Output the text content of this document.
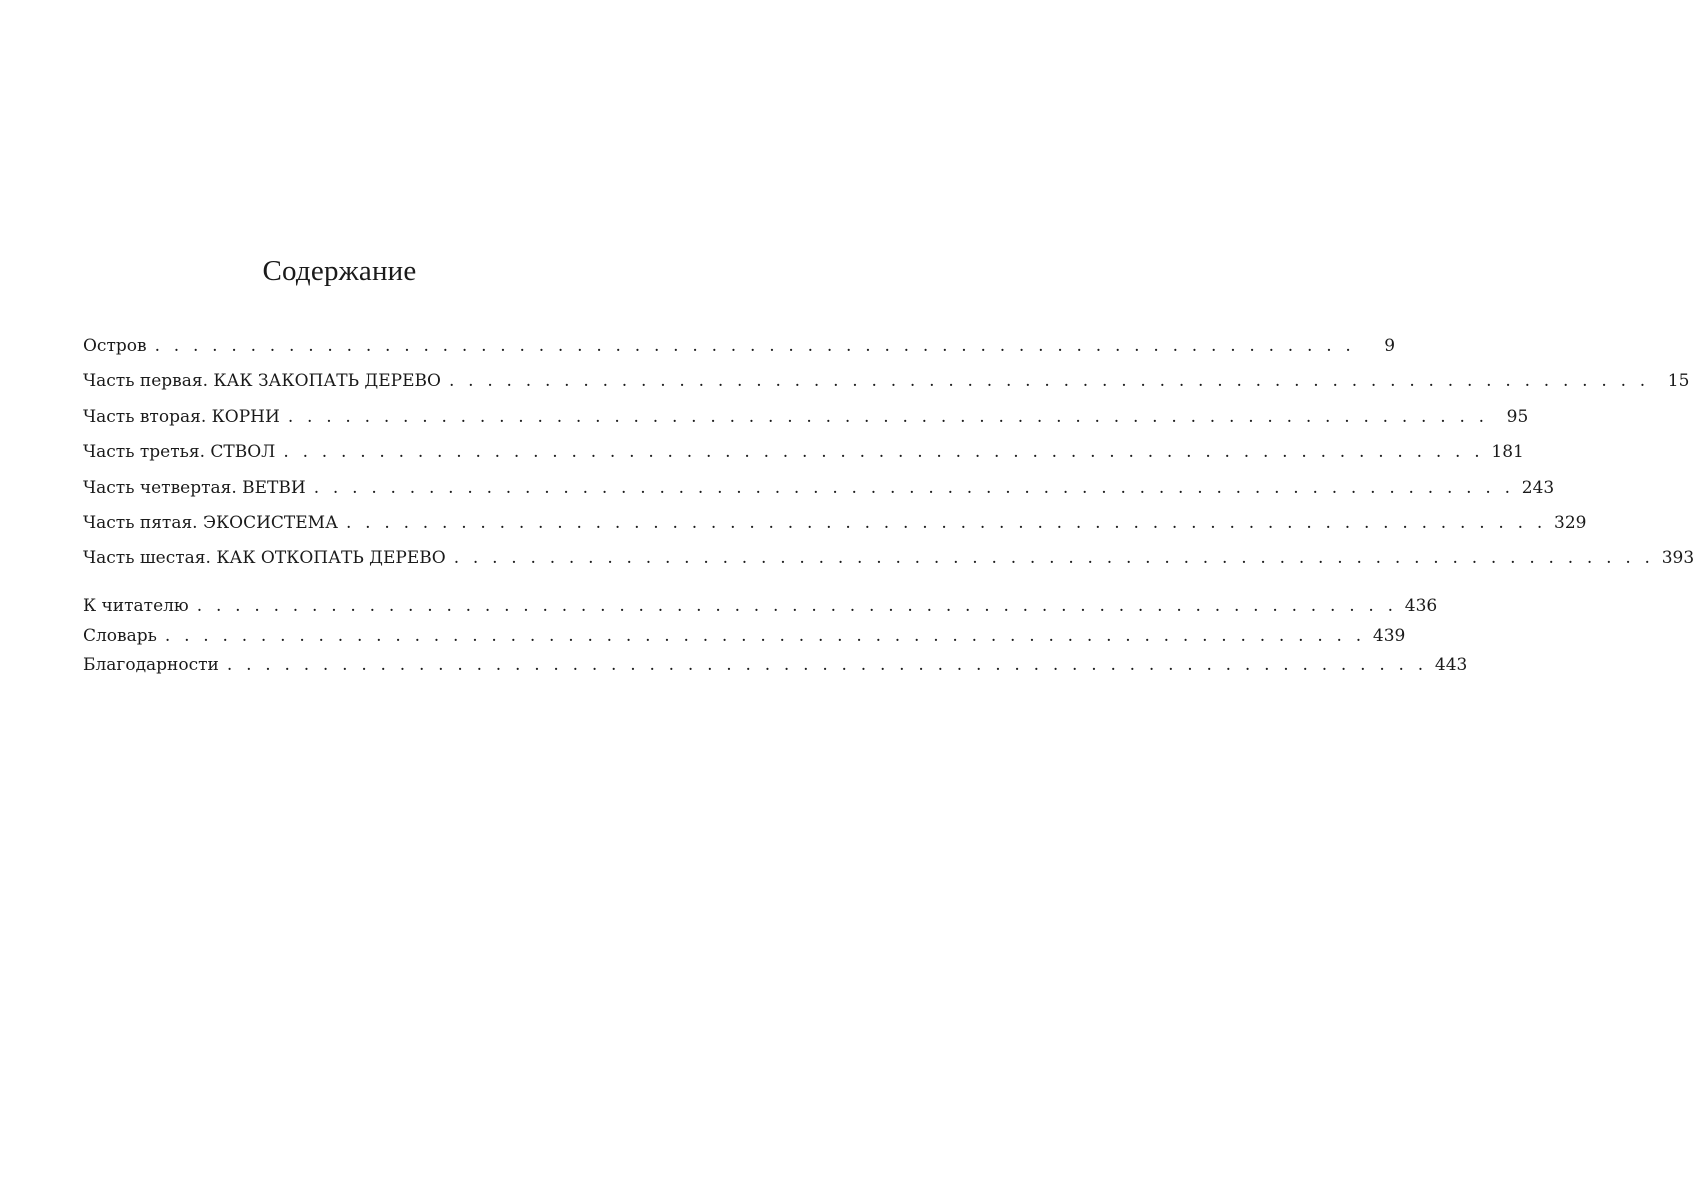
Содержание
Остров . . . . . . . . . . . . . . . . . . . . . . . . . . . . . . . . . . . . . . . . . . . . . . . . . . . . . . . . . . . . . . .	9
Часть первая. КАК ЗАКОПАТЬ ДЕРЕВО . . . . . . . . . . . . . . . . . . . . . . . . . . . . . . . . . . . . . . . . . . . . . . . . . . . . . . . . . . . . . . .	15
Часть вторая. КОРНИ . . . . . . . . . . . . . . . . . . . . . . . . . . . . . . . . . . . . . . . . . . . . . . . . . . . . . . . . . . . . . . .	95
Часть третья. СТВОЛ . . . . . . . . . . . . . . . . . . . . . . . . . . . . . . . . . . . . . . . . . . . . . . . . . . . . . . . . . . . . . . . 181
Часть четвертая. ВЕТВИ . . . . . . . . . . . . . . . . . . . . . . . . . . . . . . . . . . . . . . . . . . . . . . . . . . . . . . . . . . . . . . . 243
Часть пятая. ЭКОСИСТЕМА . . . . . . . . . . . . . . . . . . . . . . . . . . . . . . . . . . . . . . . . . . . . . . . . . . . . . . . . . . . . . . . 329
Часть шестая. КАК ОТКОПАТЬ ДЕРЕВО . . . . . . . . . . . . . . . . . . . . . . . . . . . . . . . . . . . . . . . . . . . . . . . . . . . . . . . . . . . . . . . 393
К читателю . . . . . . . . . . . . . . . . . . . . . . . . . . . . . . . . . . . . . . . . . . . . . . . . . . . . . . . . . . . . . . . 436
Словарь . . . . . . . . . . . . . . . . . . . . . . . . . . . . . . . . . . . . . . . . . . . . . . . . . . . . . . . . . . . . . . . 439
Благодарности . . . . . . . . . . . . . . . . . . . . . . . . . . . . . . . . . . . . . . . . . . . . . . . . . . . . . . . . . . . . . . . 443
